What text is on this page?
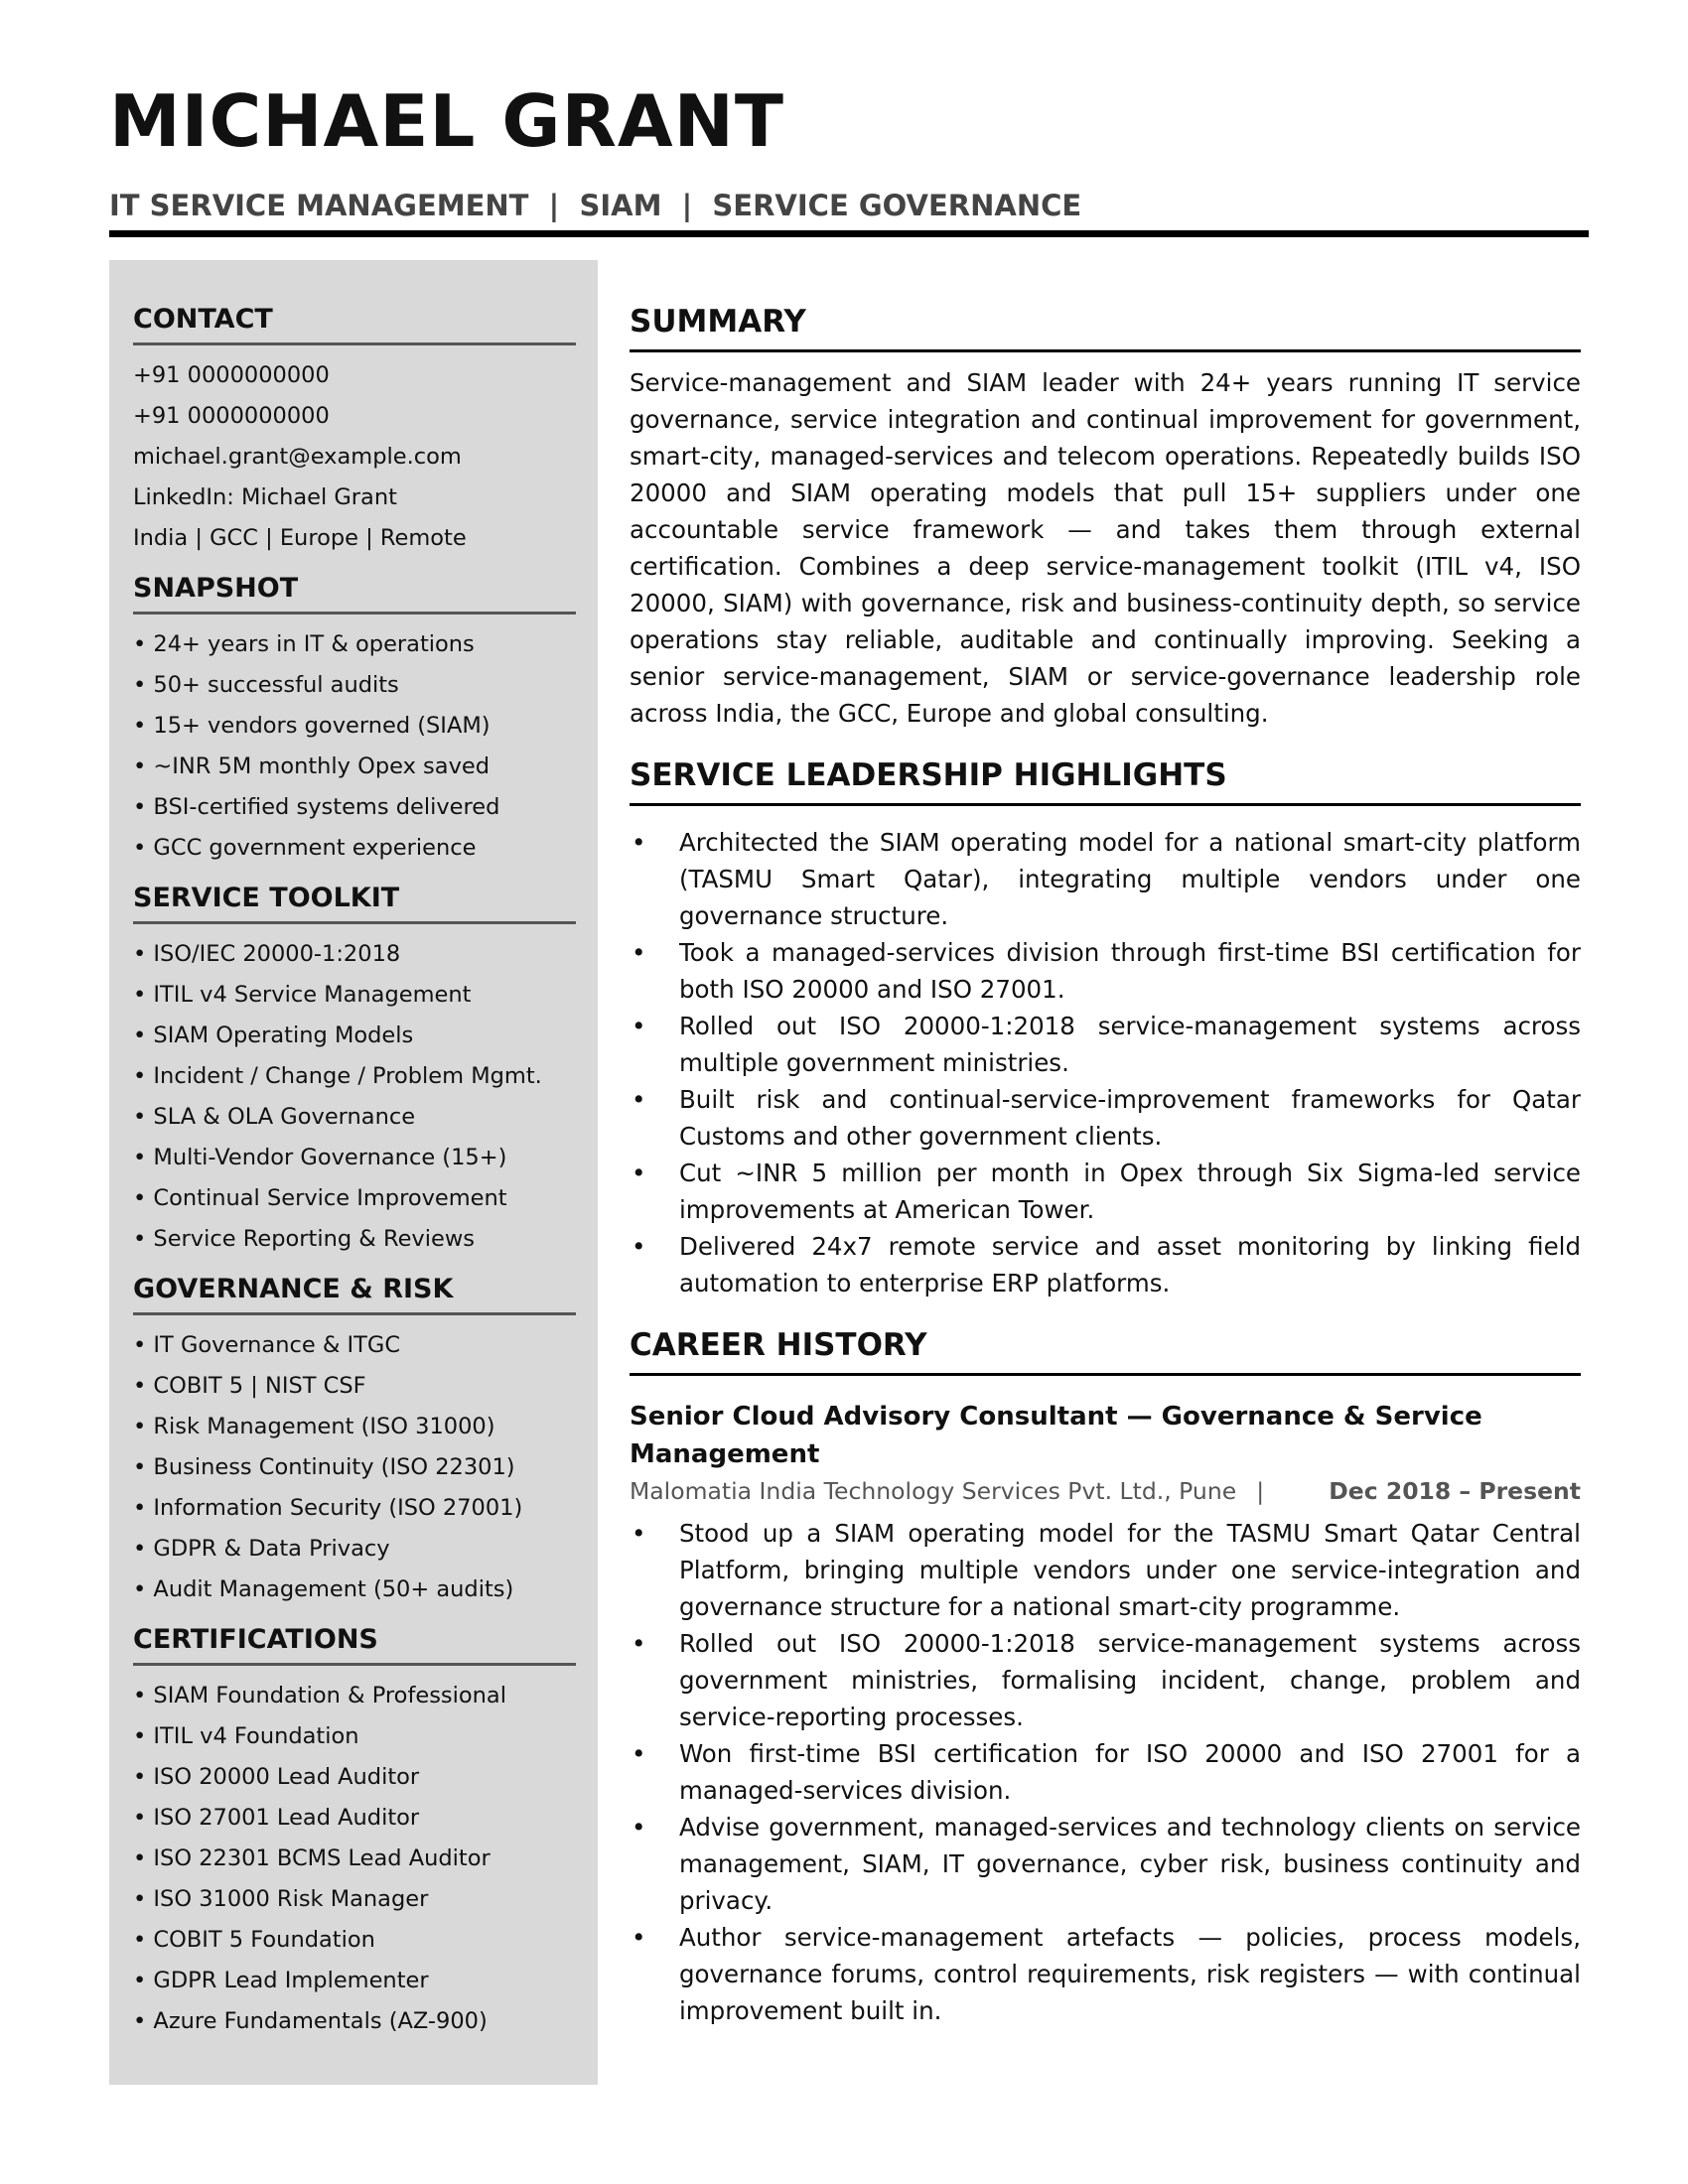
MICHAEL GRANT
IT SERVICE MANAGEMENT  |  SIAM  |  SERVICE GOVERNANCE
CONTACT
+91 0000000000
+91 0000000000
michael.grant@example.com
LinkedIn: Michael Grant
India | GCC | Europe | Remote
SNAPSHOT
• 24+ years in IT & operations
• 50+ successful audits
• 15+ vendors governed (SIAM)
• ~INR 5M monthly Opex saved
• BSI-certified systems delivered
• GCC government experience
SERVICE TOOLKIT
• ISO/IEC 20000-1:2018
• ITIL v4 Service Management
• SIAM Operating Models
• Incident / Change / Problem Mgmt.
• SLA & OLA Governance
• Multi-Vendor Governance (15+)
• Continual Service Improvement
• Service Reporting & Reviews
GOVERNANCE & RISK
• IT Governance & ITGC
• COBIT 5 | NIST CSF
• Risk Management (ISO 31000)
• Business Continuity (ISO 22301)
• Information Security (ISO 27001)
• GDPR & Data Privacy
• Audit Management (50+ audits)
CERTIFICATIONS
• SIAM Foundation & Professional
• ITIL v4 Foundation
• ISO 20000 Lead Auditor
• ISO 27001 Lead Auditor
• ISO 22301 BCMS Lead Auditor
• ISO 31000 Risk Manager
• COBIT 5 Foundation
• GDPR Lead Implementer
• Azure Fundamentals (AZ-900)
SUMMARY

Service-management and SIAM leader with 24+ years running IT service governance, service integration and continual improvement for government, smart-city, managed-services and telecom operations. Repeatedly builds ISO 20000 and SIAM operating models that pull 15+ suppliers under one accountable service framework — and takes them through external certification. Combines a deep service-management toolkit (ITIL v4, ISO 20000, SIAM) with governance, risk and business-continuity depth, so service operations stay reliable, auditable and continually improving. Seeking a senior service-management, SIAM or service-governance leadership role across India, the GCC, Europe and global consulting.

SERVICE LEADERSHIP HIGHLIGHTS
• Architected the SIAM operating model for a national smart-city platform (TASMU Smart Qatar), integrating multiple vendors under one governance structure.
• Took a managed-services division through first-time BSI certification for both ISO 20000 and ISO 27001.
• Rolled out ISO 20000-1:2018 service-management systems across multiple government ministries.
• Built risk and continual-service-improvement frameworks for Qatar Customs and other government clients.
• Cut ~INR 5 million per month in Opex through Six Sigma-led service improvements at American Tower.
• Delivered 24x7 remote service and asset monitoring by linking field automation to enterprise ERP platforms.
CAREER HISTORY
Senior Cloud Advisory Consultant — Governance & Service Management
Malomatia India Technology Services Pvt. Ltd., Pune |	Dec 2018 – Present
• Stood up a SIAM operating model for the TASMU Smart Qatar Central Platform, bringing multiple vendors under one service-integration and governance structure for a national smart-city programme.
• Rolled out ISO 20000-1:2018 service-management systems across government ministries, formalising incident, change, problem and service-reporting processes.
• Won first-time BSI certification for ISO 20000 and ISO 27001 for a managed-services division.
• Advise government, managed-services and technology clients on service management, SIAM, IT governance, cyber risk, business continuity and privacy.
• Author service-management artefacts — policies, process models, governance forums, control requirements, risk registers — with continual improvement built in.
